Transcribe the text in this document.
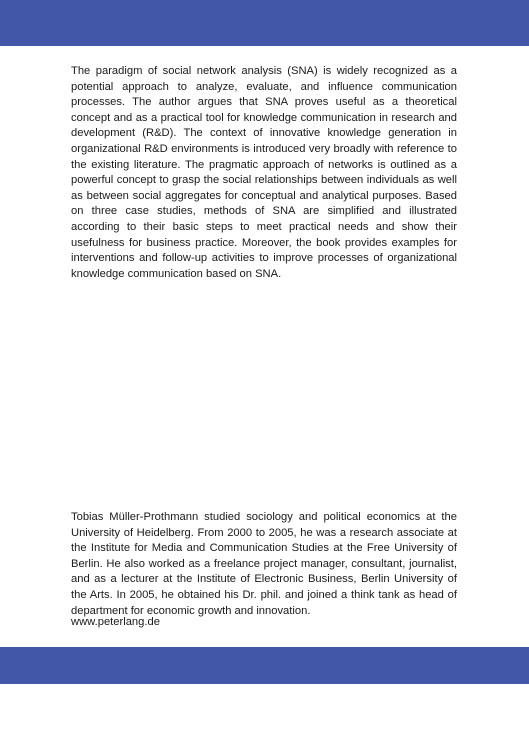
The paradigm of social network analysis (SNA) is widely recognized as a potential approach to analyze, evaluate, and influence communication processes. The author argues that SNA proves useful as a theoretical concept and as a practical tool for knowledge communication in research and development (R&D). The context of innovative knowledge generation in organizational R&D environments is introduced very broadly with reference to the existing literature. The pragmatic approach of networks is outlined as a powerful concept to grasp the social relationships between individuals as well as between social aggregates for conceptual and analytical purposes. Based on three case studies, methods of SNA are simplified and illustrated according to their basic steps to meet practical needs and show their usefulness for business practice. Moreover, the book provides examples for interventions and follow-up activities to improve processes of organizational knowledge communication based on SNA.

Tobias Müller-Prothmann studied sociology and political economics at the University of Heidelberg. From 2000 to 2005, he was a research associate at the Institute for Media and Communication Studies at the Free University of Berlin. He also worked as a freelance project manager, consultant, journalist, and as a lecturer at the Institute of Electronic Business, Berlin University of the Arts. In 2005, he obtained his Dr. phil. and joined a think tank as head of department for economic growth and innovation.

www.peterlang.de
